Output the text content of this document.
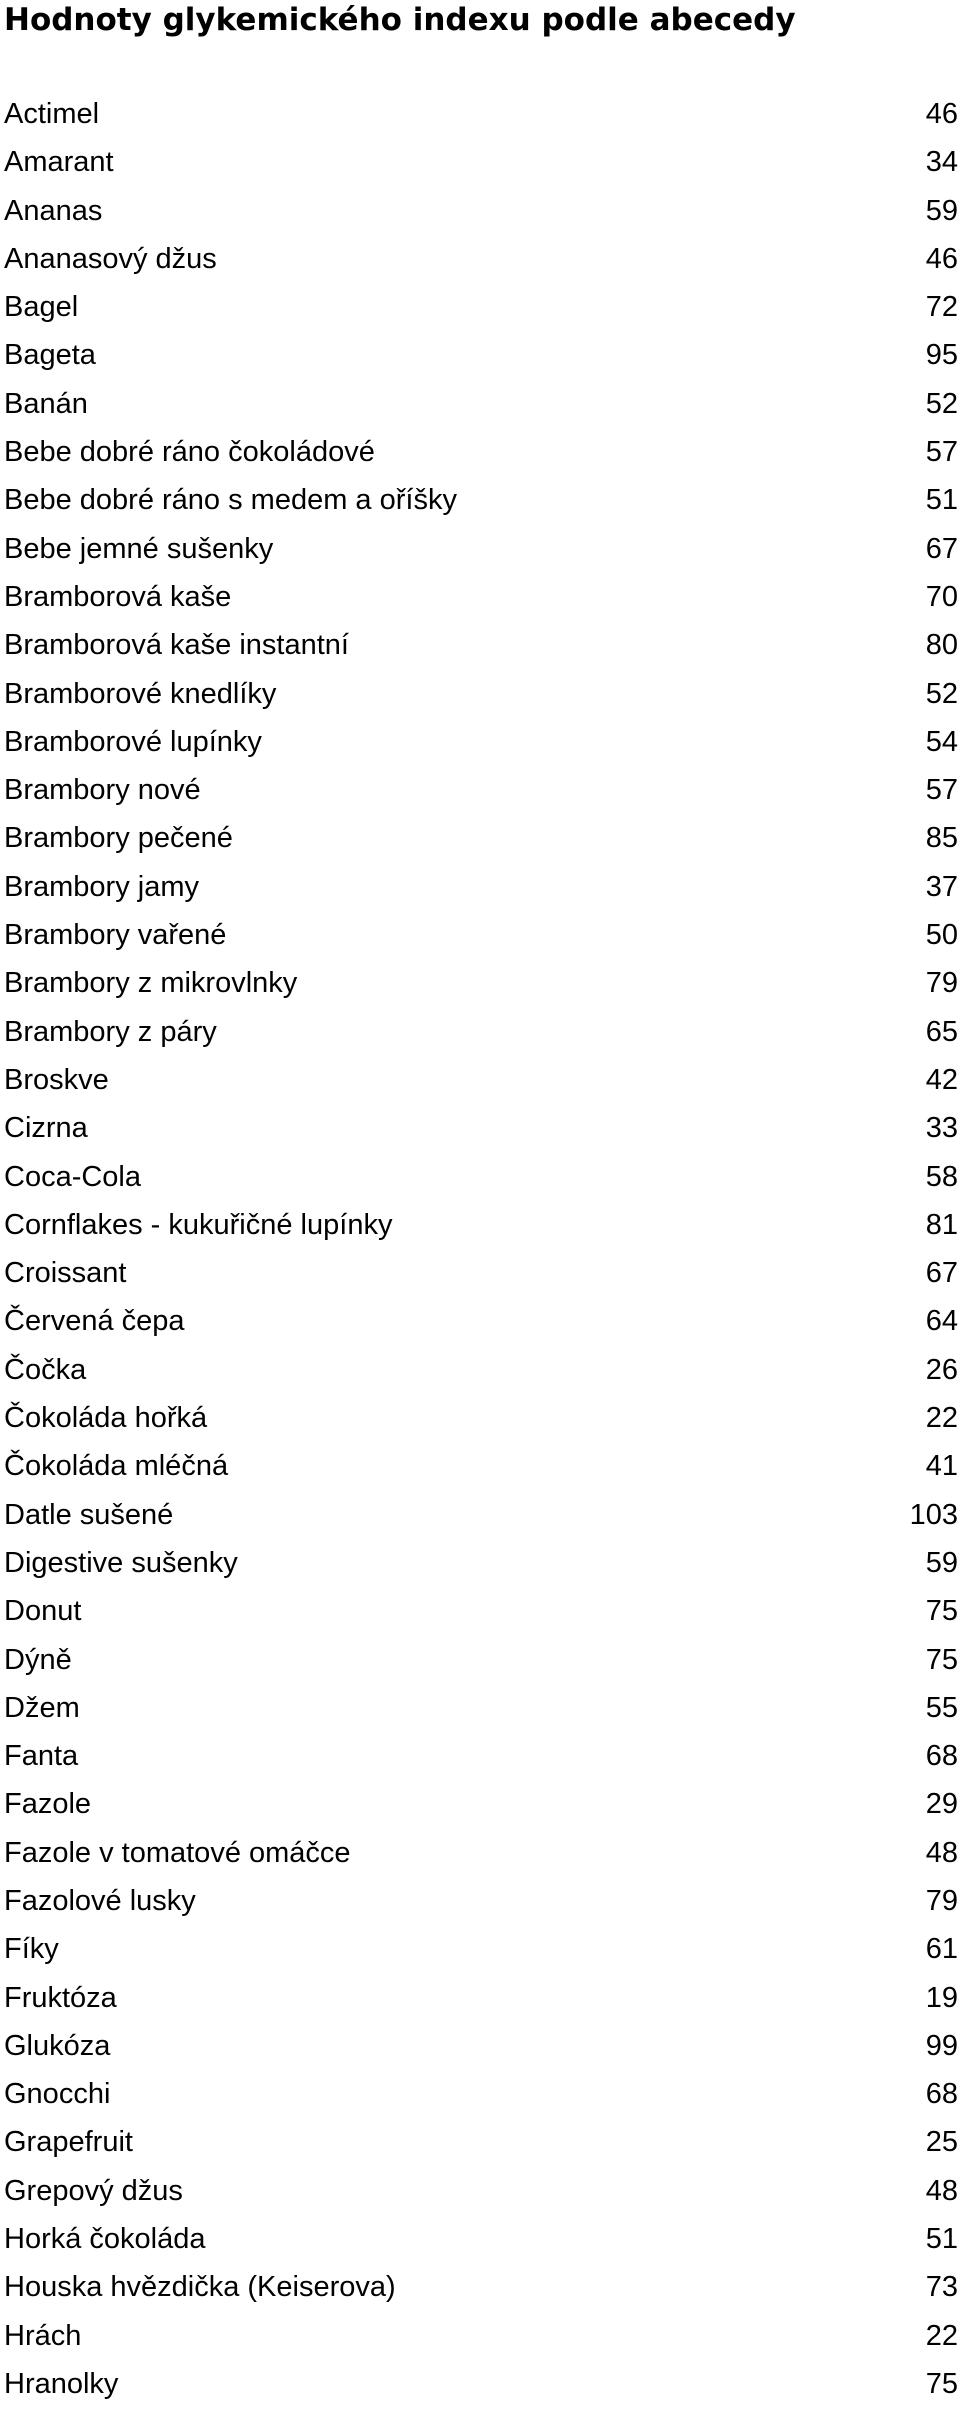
Hodnoty glykemického indexu podle abecedy
Actimel	46
Amarant	34
Ananas	59
Ananasový džus	46
Bagel	72
Bageta	95
Banán	52
Bebe dobré ráno čokoládové	57
Bebe dobré ráno s medem a oříšky	51
Bebe jemné sušenky	67
Bramborová kaše	70
Bramborová kaše instantní	80
Bramborové knedlíky	52
Bramborové lupínky	54
Brambory nové	57
Brambory pečené	85
Brambory jamy	37
Brambory vařené	50
Brambory z mikrovlnky	79
Brambory z páry	65
Broskve	42
Cizrna	33
Coca-Cola	58
Cornflakes - kukuřičné lupínky	81
Croissant	67
Červená čepa	64
Čočka	26
Čokoláda hořká	22
Čokoláda mléčná	41
Datle sušené	103
Digestive sušenky	59
Donut	75
Dýně	75
Džem	55
Fanta	68
Fazole	29
Fazole v tomatové omáčce	48
Fazolové lusky	79
Fíky	61
Fruktóza	19
Glukóza	99
Gnocchi	68
Grapefruit	25
Grepový džus	48
Horká čokoláda	51
Houska hvězdička (Keiserova)	73
Hrách	22
Hranolky	75
